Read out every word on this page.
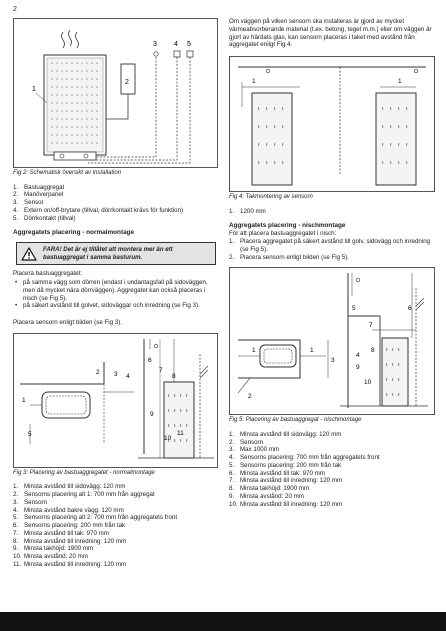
2
1
2
3 4 5
Fig 2: Schematisk översikt av installation
1. Bastuaggregat
2. Manöverpanel
3. Sensor
4. Extern on/off-brytare (tillval, dörrkontakt krävs för funktion)
5. Dörrkontakt (tillval)
Aggregatets placering - normalmontage
FARA! Det är ej tillåtet att montera mer än ett bastuaggregat i samma basturum.

Placera bastuaggregatet:

• på samma vägg som dörren (endast i undantagsfall på sidoväggen, men då mycket nära dörrväggen). Aggregatet kan också placeras i nisch (se Fig 5).
• på säkert avstånd till golvet, sidoväggar och inredning (se Fig 3).

Placera sensorn enligt bilden (se Fig 3).

2 3 4
1
5
6
7
8
9
10
11
Fig 3: Placering av bastuaggregatet - normalmontage
1. Minsta avstånd till sidovägg: 120 mm
2. Sensorns placering alt 1: 700 mm från aggregat
3. Sensorn
4. Minsta avstånd bakre vägg: 120 mm
5. Sensorns placering alt 2: 700 mm från aggregatets front
6. Sensorns placering: 200 mm från tak
7. Minsta avstånd till tak: 970 mm
8. Minsta avstånd till inredning: 120 mm
9. Minsta takhöjd: 1900 mm
10. Minsta avstånd: 20 mm
11. Minsta avstånd till inredning: 120 mm

Om väggen på vilken sensorn ska installeras är gjord av mycket värmeabsorberande material (t.ex. betong, tegel m.m.) eller om väggen är gjort av härdats glas, kan sensorn placeras i taket med avstånd från aggregatet enligt Fig 4.

1	1
Fig 4: Takmontering av sensorn
1. 1200 mm
Aggregatets placering - nischmontage

För att placera bastuaggregatet i nisch:

1. Placera aggregatet på säkert avstånd till golv, sidovägg och inredning (se Fig 5).
2. Placera sensorn enligt bilden (se Fig 5).
1	1
2
3
5	6
7
4
8
9
10
Fig 5: Placering av bastuaggregat - nischmontage
1. Minsta avstånd till sidovägg: 120 mm
2. Sensorn
3. Max 1000 mm
4. Sensorns placering: 700 mm från aggregatets front
5. Sensorns placering: 200 mm från tak
6. Minsta avstånd till tak: 970 mm
7. Minsta avstånd till inredning: 120 mm
8. Minsta takhöjd: 1900 mm
9. Minsta avstånd: 20 mm
10. Minsta avstånd till inredning: 120 mm
